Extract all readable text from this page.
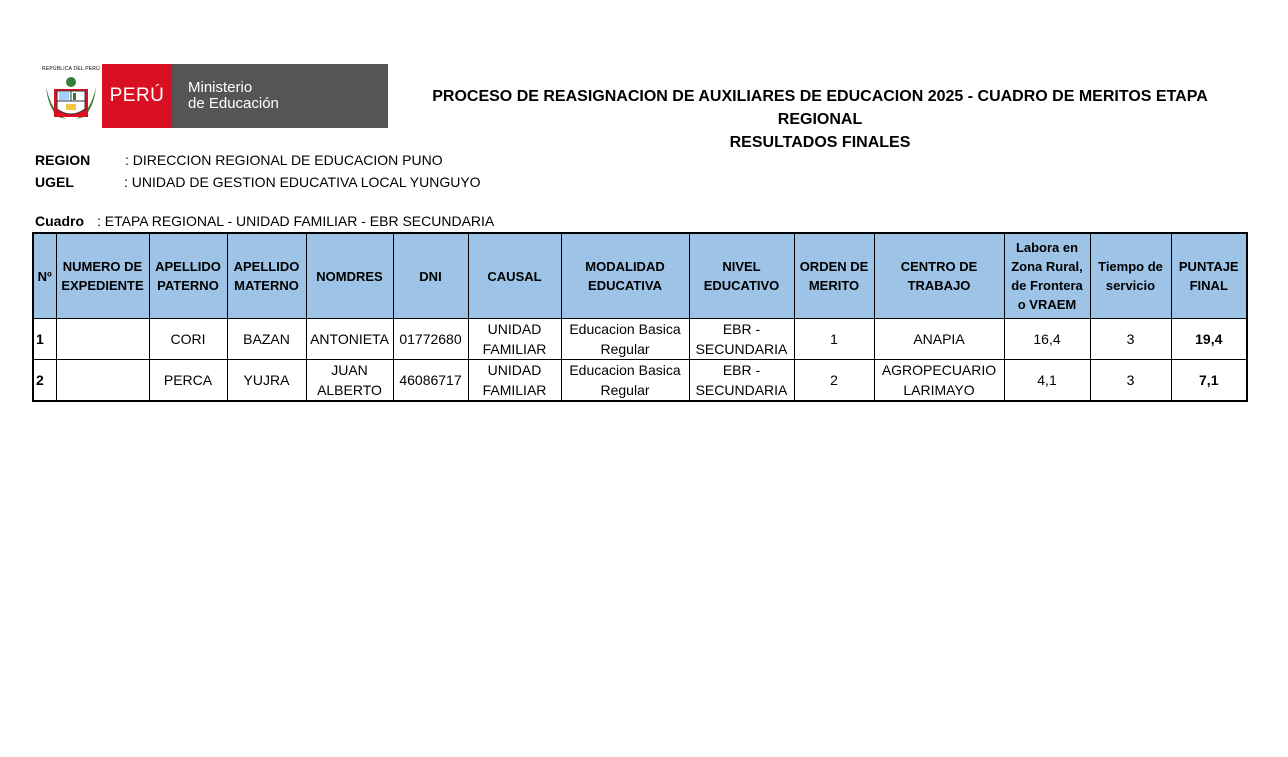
REPÚBLICA DEL PERÚ
PERÚ	Ministerio
de Educación	PROCESO DE REASIGNACION DE AUXILIARES DE EDUCACION 2025 - CUADRO DE MERITOS ETAPA REGIONAL
RESULTADOS FINALES
REGION : DIRECCION REGIONAL DE EDUCACION PUNO
UGEL	: UNIDAD DE GESTION EDUCATIVA LOCAL YUNGUYO
Cuadro : ETAPA REGIONAL - UNIDAD FAMILIAR - EBR SECUNDARIA
Nº	NUMERO DE EXPEDIENTE	APELLIDO PATERNO	APELLIDO MATERNO	NOMDRES	DNI	CAUSAL	MODALIDAD EDUCATIVA	NIVEL EDUCATIVO	ORDEN DE MERITO	CENTRO DE TRABAJO	Labora en Zona Rural, de Frontera o VRAEM	Tiempo de servicio	PUNTAJE FINAL
1		CORI	BAZAN	ANTONIETA	01772680	UNIDAD FAMILIAR	Educacion Basica Regular	EBR - SECUNDARIA	1	ANAPIA	16,4	3	19,4
2		PERCA	YUJRA	JUAN ALBERTO	46086717	UNIDAD FAMILIAR	Educacion Basica Regular	EBR - SECUNDARIA	2	AGROPECUARIO LARIMAYO	4,1	3	7,1
